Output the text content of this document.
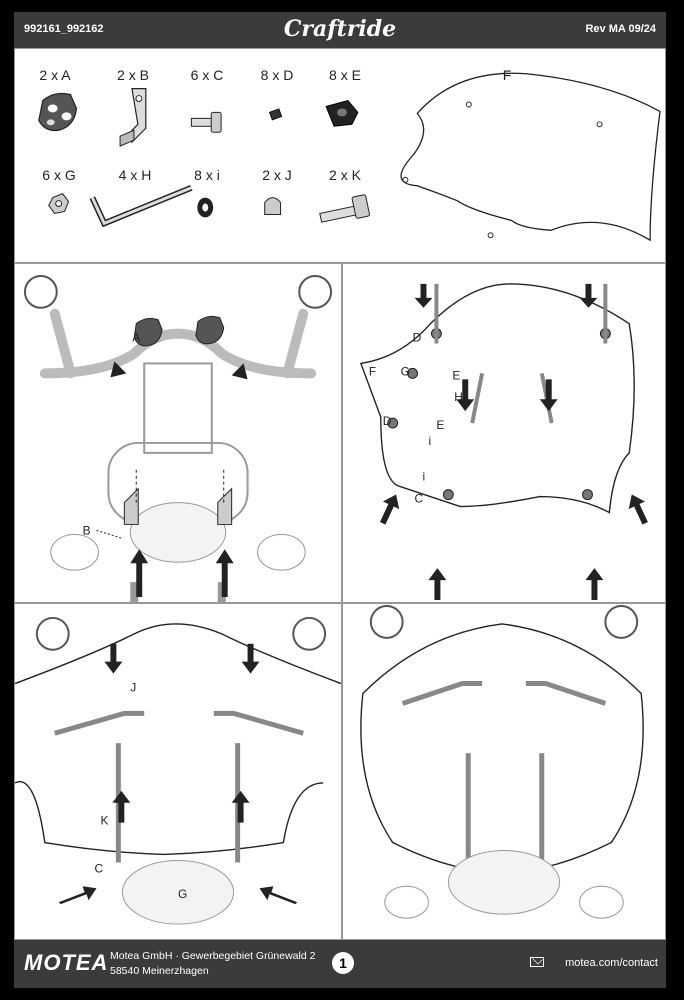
992161_992162	Craftride	Rev MA 09/24
2 x A	2 x B	6 x C	8 x D	8 x E	F
6 x G	4 x H	8 x i	2 x J	2 x K
A
B
D
F G	E
H
D	E
i
i
C
J
K
C
G
MOTEA Motea GmbH · Gewerbegebiet Grünewald 2
58540 Meinerzhagen	1	motea.com/contact
